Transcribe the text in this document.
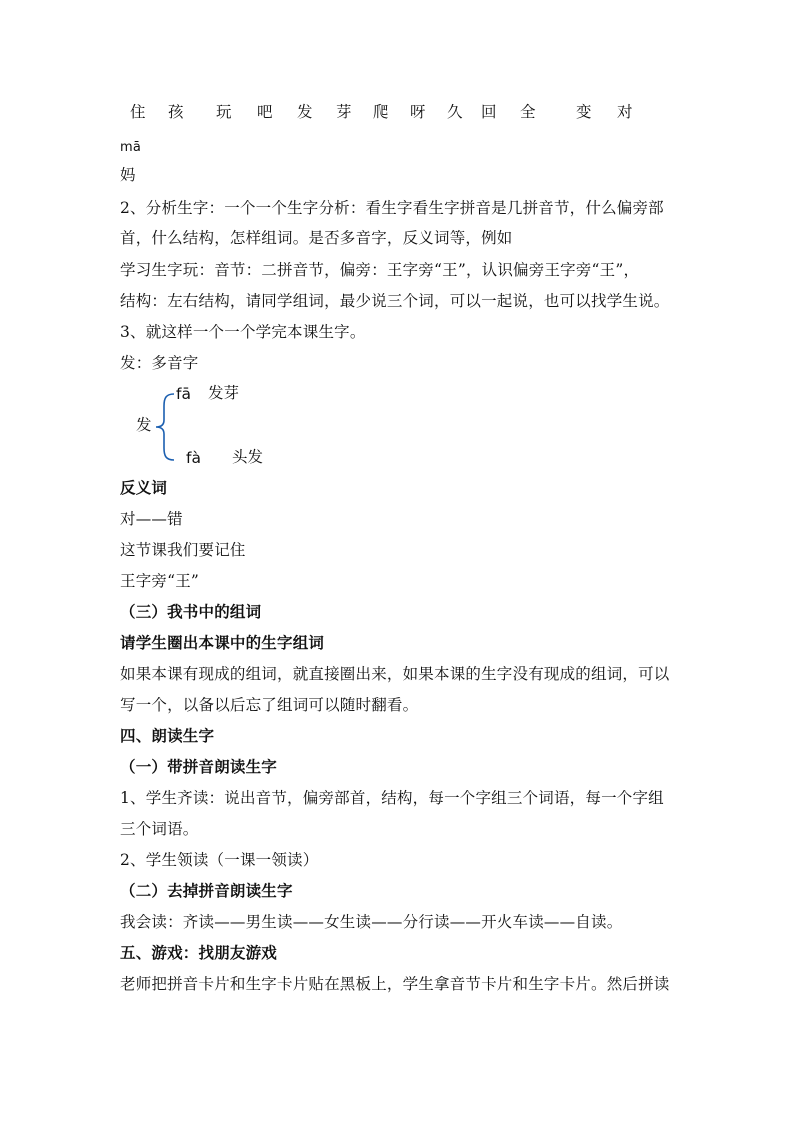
住 孩 玩 吧 发 芽 爬 呀 久 回 全	变 对
mā
妈
2、分析生字：一个一个生字分析：看生字看生字拼音是几拼音节，什么偏旁部
首，什么结构，怎样组词。是否多音字，反义词等，例如
学习生字玩：音节：二拼音节，偏旁：王字旁“王”，认识偏旁王字旁“王”，
结构：左右结构，请同学组词，最少说三个词，可以一起说，也可以找学生说。
3、就这样一个一个学完本课生字。
发：多音字
发
fā 发芽
fà 头发
反义词
对——错
这节课我们要记住
王字旁“王”
（三）我书中的组词
请学生圈出本课中的生字组词
如果本课有现成的组词，就直接圈出来，如果本课的生字没有现成的组词，可以
写一个，以备以后忘了组词可以随时翻看。
四、朗读生字
（一）带拼音朗读生字
1、学生齐读：说出音节，偏旁部首，结构，每一个字组三个词语，每一个字组
三个词语。
2、学生领读（一课一领读）
（二）去掉拼音朗读生字
我会读：齐读——男生读——女生读——分行读——开火车读——自读。
五、游戏：找朋友游戏
老师把拼音卡片和生字卡片贴在黑板上，学生拿音节卡片和生字卡片。然后拼读
